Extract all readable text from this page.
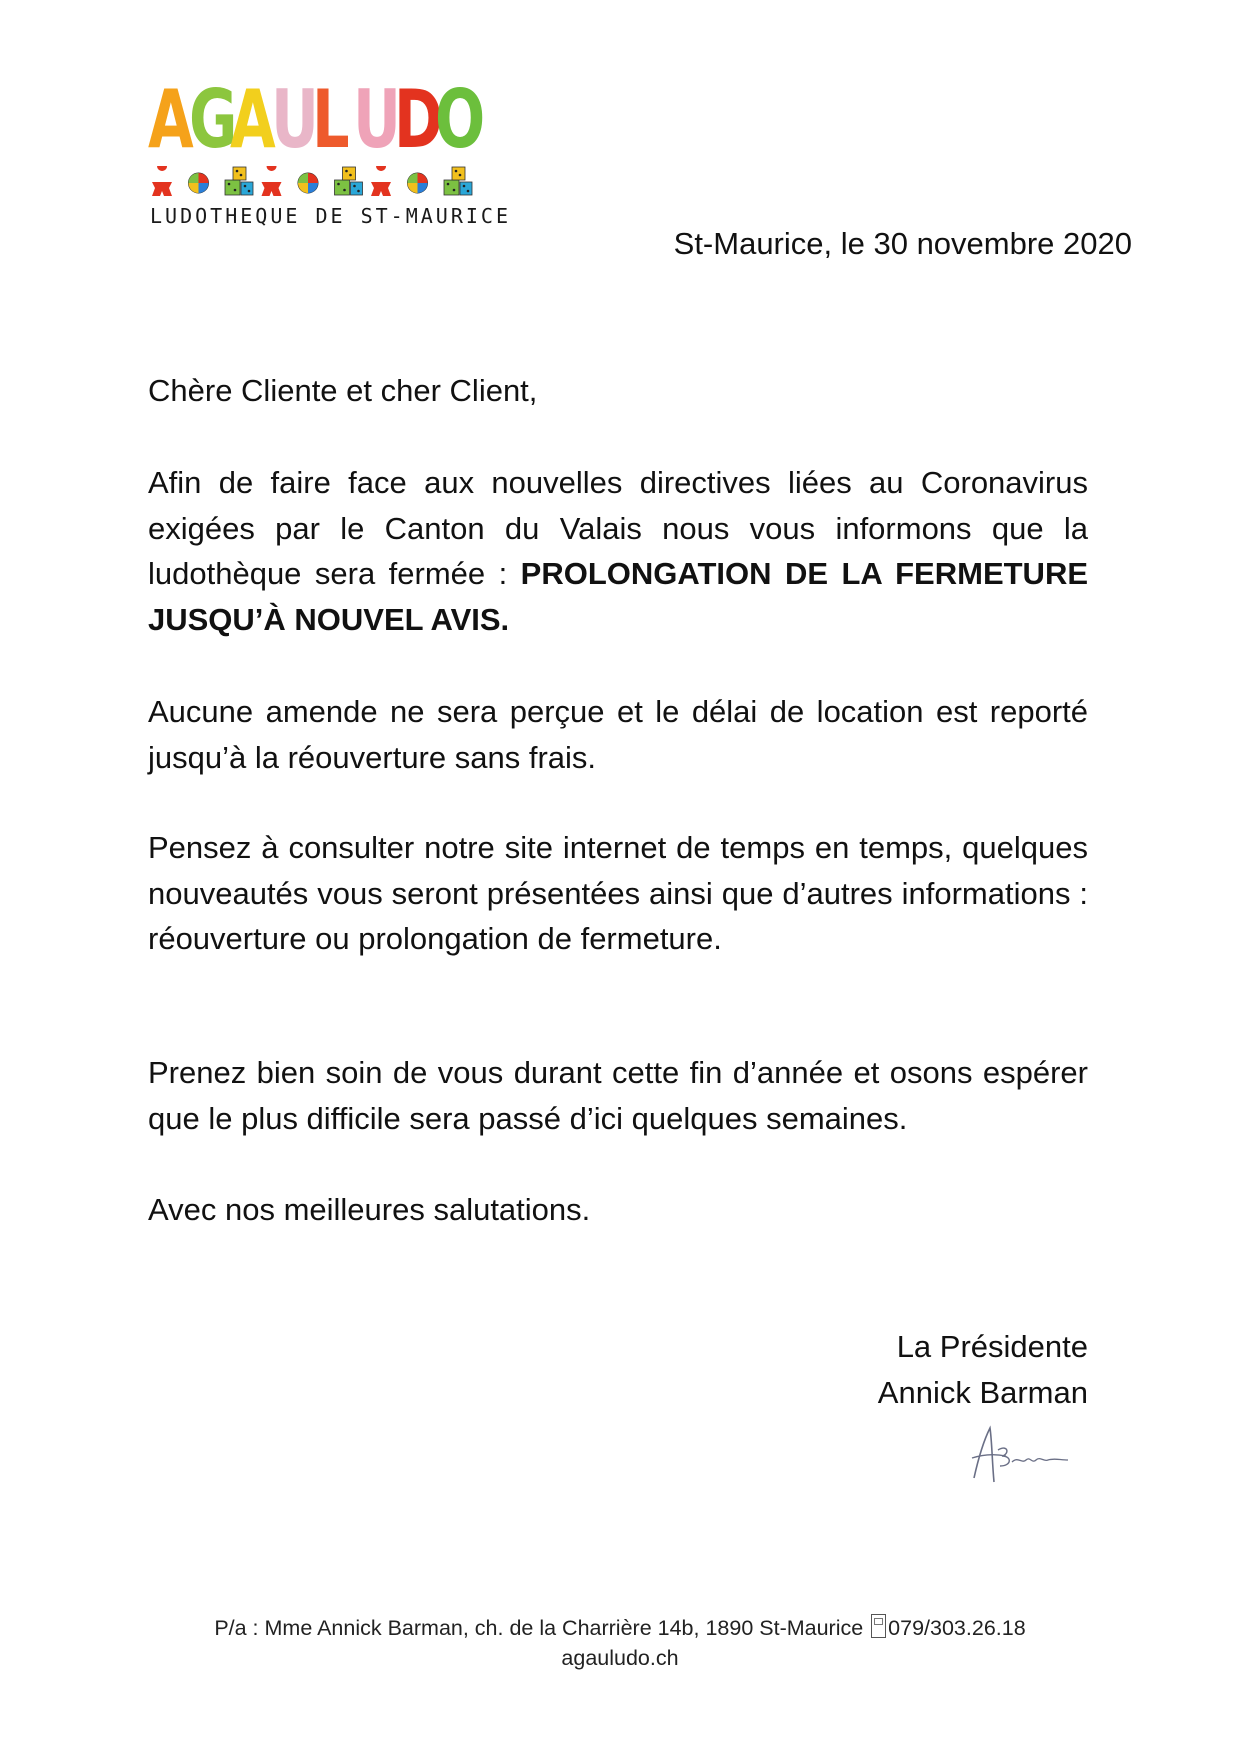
A
G
A
U
L U
D
O
LUDOTHEQUE DE ST-MAURICE
St-Maurice, le 30 novembre 2020
Chère Cliente et cher Client,
Afin de faire face aux nouvelles directives liées au Coronavirus exigées par le Canton du Valais nous vous informons que la ludothèque sera fermée : PROLONGATION DE LA FERMETURE JUSQU’À NOUVEL AVIS.
Aucune amende ne sera perçue et le délai de location est reporté jusqu’à la réouverture sans frais.
Pensez à consulter notre site internet de temps en temps, quelques nouveautés vous seront présentées ainsi que d’autres informations : réouverture ou prolongation de fermeture.
Prenez bien soin de vous durant cette fin d’année et osons espérer que le plus difficile sera passé d’ici quelques semaines.
Avec nos meilleures salutations.
La Présidente
Annick Barman
P/a : Mme Annick Barman, ch. de la Charrière 14b, 1890 St-Maurice 079/303.26.18
agauludo.ch
